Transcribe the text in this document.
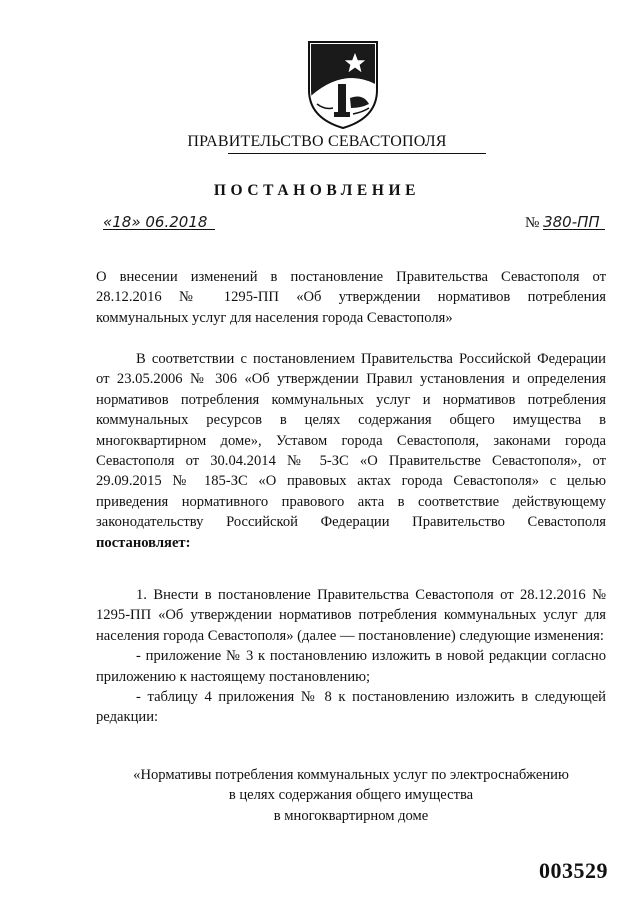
ПРАВИТЕЛЬСТВО СЕВАСТОПОЛЯ
ПОСТАНОВЛЕНИЕ
«18» 06.2018	№ 380-ПП
О внесении изменений в постановление Правительства Севастополя от 28.12.2016 № 1295-ПП «Об утверждении нормативов потребления коммунальных услуг для населения города Севастополя»

В соответствии с постановлением Правительства Российской Федерации от 23.05.2006 № 306 «Об утверждении Правил установления и определения нормативов потребления коммунальных услуг и нормативов потребления коммунальных ресурсов в целях содержания общего имущества в многоквартирном доме», Уставом города Севастополя, законами города Севастополя от 30.04.2014 № 5-ЗС «О Правительстве Севастополя», от 29.09.2015 № 185-ЗС «О правовых актах города Севастополя» с целью приведения нормативного правового акта в соответствие действующему законодательству Российской Федерации Правительство Севастополя постановляет:

1. Внести в постановление Правительства Севастополя от 28.12.2016 № 1295-ПП «Об утверждении нормативов потребления коммунальных услуг для населения города Севастополя» (далее — постановление) следующие изменения:

- приложение № 3 к постановлению изложить в новой редакции согласно приложению к настоящему постановлению;

- таблицу 4 приложения № 8 к постановлению изложить в следующей редакции:

«Нормативы потребления коммунальных услуг по электроснабжению
в целях содержания общего имущества
в многоквартирном доме
003529
